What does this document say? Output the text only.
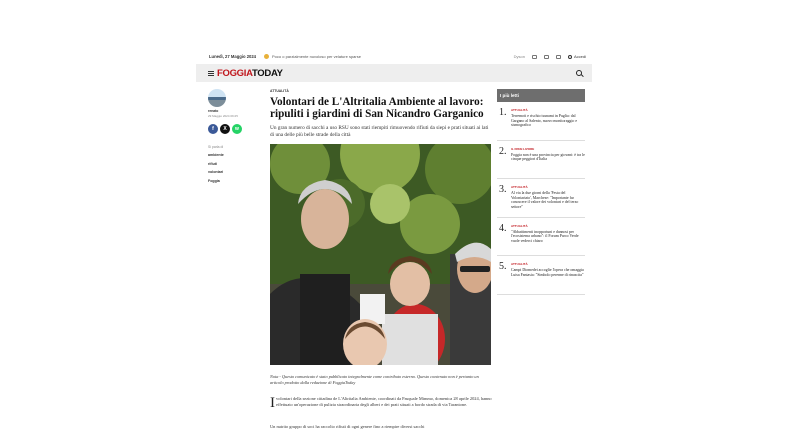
Lunedì, 27 Maggio 2024	Poco o parzialmente nuvoloso per velature sparse	Dyson	Accedi
FOGGIATODAY
renato
29 Maggio 2024 09:25
f	X	w
Si parla di
ambiente
rifiuti
volontari
Foggia
ATTUALITÀ
Volontari de L'Altritalia Ambiente al lavoro: ripuliti i giardini di San Nicandro Garganico

Un gran numero di sacchi a uso RSU sono stati riempiti rimuovendo rifiuti da siepi e prati situati ai lati di una delle più belle strade della città

Nota - Questo comunicato è stato pubblicato integralmente come contributo esterno. Questo contenuto non è pertanto un articolo prodotto dalla redazione di FoggiaToday

I volontari della sezione cittadina de L'Altritalia Ambiente, coordinati da Pasquale Mimmo, domenica 28 aprile 2024, hanno effettuato un'operazione di pulizia straordinaria degli alberi e dei prati situati a bordo strada di via Tarantone.

Un nutrito gruppo di soci ha raccolto rifiuti di ogni genere fino a riempire diversi sacchi

I più letti
1.	ATTUALITÀ
Terremoti e rischio tsunami in Puglia: dal Gargano al Salento, nuovo monitoraggio e sismografico
2.	IL DISSI LIVORE
Foggia non è una provincia per giovani: è tra le cinque peggiori d'Italia
3.	ATTUALITÀ
Al via la due giorni della 'Festa del Volontariato', Marchese: "Importante far conoscere il valore dei volontari e del terzo settore"
4.	ATTUALITÀ
"Abbattimenti inopportuni e dannosi per l'ecosistema urbano": il Forum Parco Verde vuole vederci chiaro
5.	ATTUALITÀ
Campi Diomedei accoglie l'opera che omaggia Luisa Fantasia: "Simbolo perenne di rinascita"
